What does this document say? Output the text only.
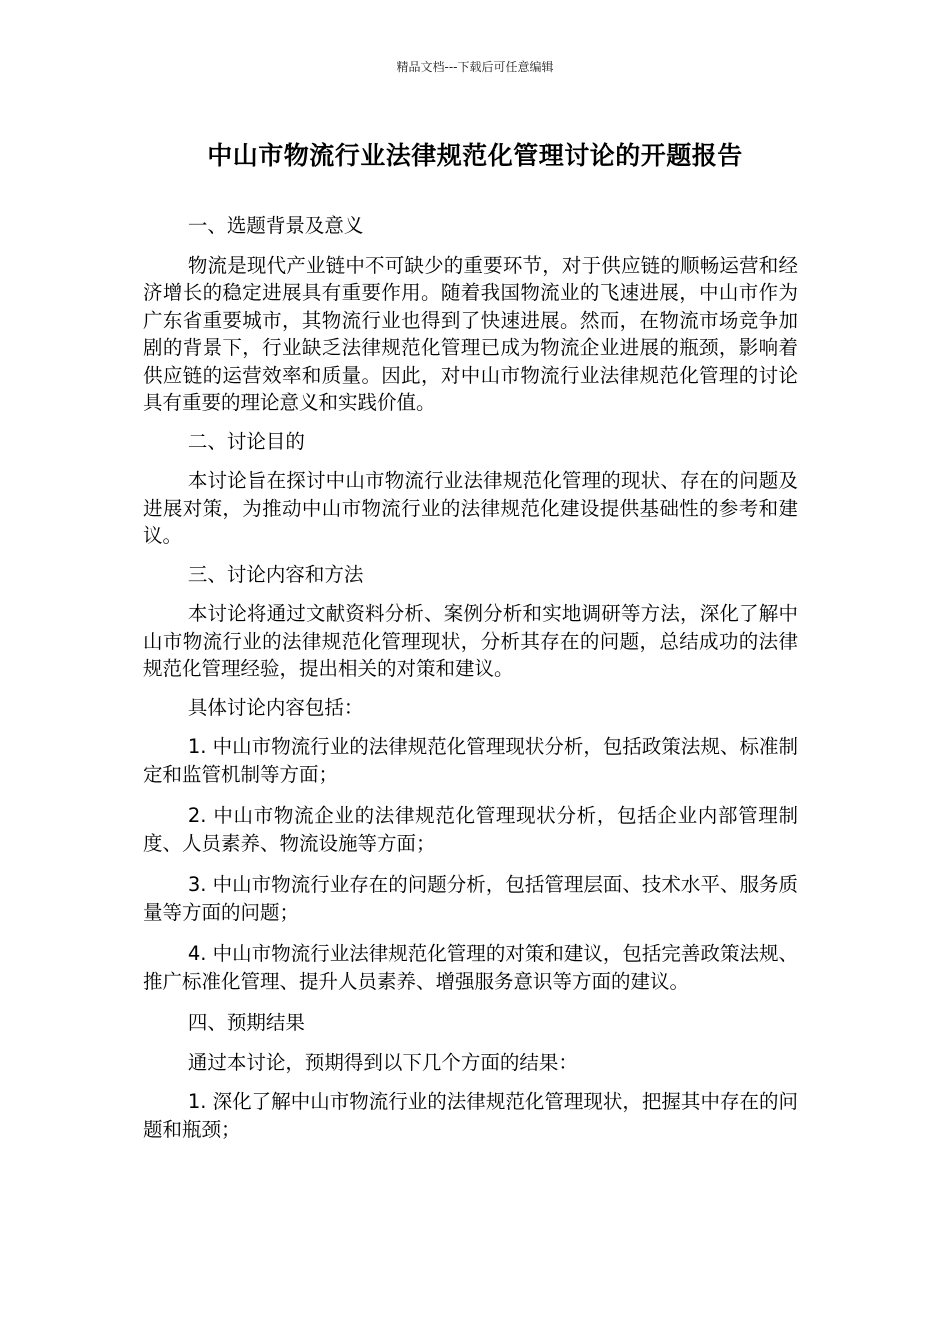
精品文档---下载后可任意编辑
中山市物流行业法律规范化管理讨论的开题报告

一、选题背景及意义

物流是现代产业链中不可缺少的重要环节，对于供应链的顺畅运营和经济增长的稳定进展具有重要作用。随着我国物流业的飞速进展，中山市作为广东省重要城市，其物流行业也得到了快速进展。然而，在物流市场竞争加剧的背景下，行业缺乏法律规范化管理已成为物流企业进展的瓶颈，影响着供应链的运营效率和质量。因此，对中山市物流行业法律规范化管理的讨论具有重要的理论意义和实践价值。

二、讨论目的

本讨论旨在探讨中山市物流行业法律规范化管理的现状、存在的问题及进展对策，为推动中山市物流行业的法律规范化建设提供基础性的参考和建议。

三、讨论内容和方法

本讨论将通过文献资料分析、案例分析和实地调研等方法，深化了解中山市物流行业的法律规范化管理现状，分析其存在的问题，总结成功的法律规范化管理经验，提出相关的对策和建议。

具体讨论内容包括：

1. 中山市物流行业的法律规范化管理现状分析，包括政策法规、标准制定和监管机制等方面；

2. 中山市物流企业的法律规范化管理现状分析，包括企业内部管理制度、人员素养、物流设施等方面；

3. 中山市物流行业存在的问题分析，包括管理层面、技术水平、服务质量等方面的问题；

4. 中山市物流行业法律规范化管理的对策和建议，包括完善政策法规、推广标准化管理、提升人员素养、增强服务意识等方面的建议。

四、预期结果

通过本讨论，预期得到以下几个方面的结果：

1. 深化了解中山市物流行业的法律规范化管理现状，把握其中存在的问题和瓶颈；
